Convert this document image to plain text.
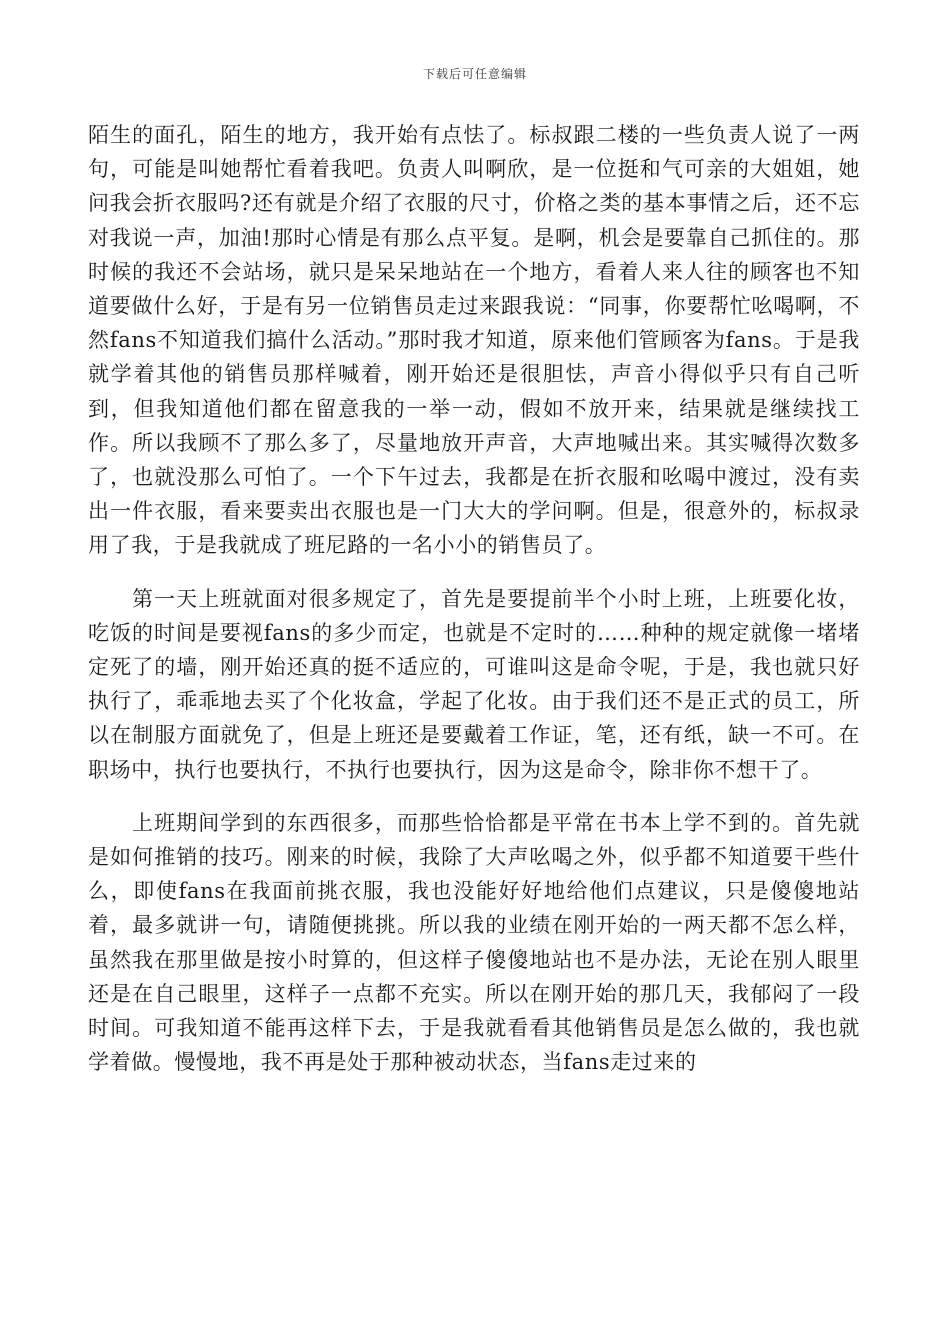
下载后可任意编辑

陌生的面孔，陌生的地方，我开始有点怯了。标叔跟二楼的一些负责人说了一两句，可能是叫她帮忙看着我吧。负责人叫啊欣，是一位挺和气可亲的大姐姐，她问我会折衣服吗?还有就是介绍了衣服的尺寸，价格之类的基本事情之后，还不忘对我说一声，加油!那时心情是有那么点平复。是啊，机会是要靠自己抓住的。那时候的我还不会站场，就只是呆呆地站在一个地方，看着人来人往的顾客也不知道要做什么好，于是有另一位销售员走过来跟我说：“同事，你要帮忙吆喝啊，不然fans不知道我们搞什么活动。”那时我才知道，原来他们管顾客为fans。于是我就学着其他的销售员那样喊着，刚开始还是很胆怯，声音小得似乎只有自己听到，但我知道他们都在留意我的一举一动，假如不放开来，结果就是继续找工作。所以我顾不了那么多了，尽量地放开声音，大声地喊出来。其实喊得次数多了，也就没那么可怕了。一个下午过去，我都是在折衣服和吆喝中渡过，没有卖出一件衣服，看来要卖出衣服也是一门大大的学问啊。但是，很意外的，标叔录用了我，于是我就成了班尼路的一名小小的销售员了。

第一天上班就面对很多规定了，首先是要提前半个小时上班，上班要化妆，吃饭的时间是要视fans的多少而定，也就是不定时的……种种的规定就像一堵堵定死了的墙，刚开始还真的挺不适应的，可谁叫这是命令呢，于是，我也就只好执行了，乖乖地去买了个化妆盒，学起了化妆。由于我们还不是正式的员工，所以在制服方面就免了，但是上班还是要戴着工作证，笔，还有纸，缺一不可。在职场中，执行也要执行，不执行也要执行，因为这是命令，除非你不想干了。

上班期间学到的东西很多，而那些恰恰都是平常在书本上学不到的。首先就是如何推销的技巧。刚来的时候，我除了大声吆喝之外，似乎都不知道要干些什么，即使fans在我面前挑衣服，我也没能好好地给他们点建议，只是傻傻地站着，最多就讲一句，请随便挑挑。所以我的业绩在刚开始的一两天都不怎么样，虽然我在那里做是按小时算的，但这样子傻傻地站也不是办法，无论在别人眼里还是在自己眼里，这样子一点都不充实。所以在刚开始的那几天，我郁闷了一段时间。可我知道不能再这样下去，于是我就看看其他销售员是怎么做的，我也就学着做。慢慢地，我不再是处于那种被动状态，当fans走过来的
